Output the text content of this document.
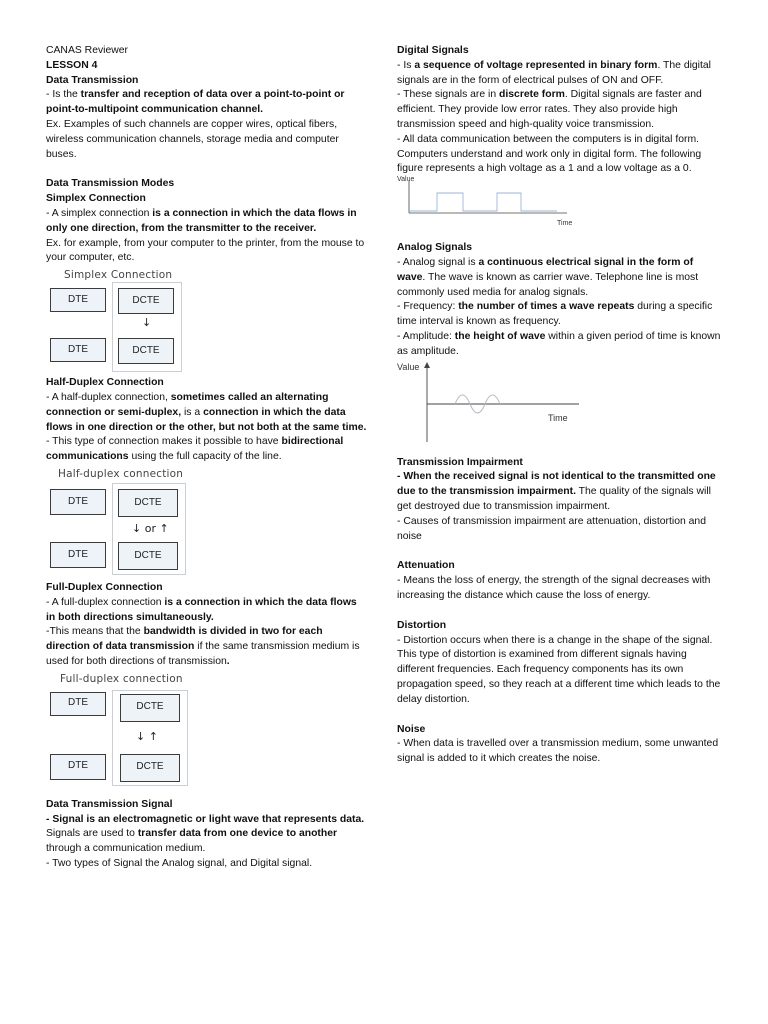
CANAS Reviewer

LESSON 4

Data Transmission

- Is the transfer and reception of data over a point-to-point or point-to-multipoint communication channel.

Ex. Examples of such channels are copper wires, optical fibers, wireless communication channels, storage media and computer buses.

Data Transmission Modes

Simplex Connection

- A simplex connection is a connection in which the data flows in only one direction, from the transmitter to the receiver.

Ex. for example, from your computer to the printer, from the mouse to your computer, etc.

Simplex Connection
DTE	DCTE
↓
DTE	DCTE

Half-Duplex Connection

- A half-duplex connection, sometimes called an alternating connection or semi-duplex, is a connection in which the data flows in one direction or the other, but not both at the same time.

- This type of connection makes it possible to have bidirectional communications using the full capacity of the line.

Half-duplex connection
DTE	DCTE
↓ or ↑
DTE	DCTE

Full-Duplex Connection

- A full-duplex connection is a connection in which the data flows in both directions simultaneously.

-This means that the bandwidth is divided in two for each direction of data transmission if the same transmission medium is used for both directions of transmission.

Full-duplex connection
DTE	DCTE
↓ ↑
DTE	DCTE

Data Transmission Signal

- Signal is an electromagnetic or light wave that represents data. Signals are used to transfer data from one device to another through a communication medium.

- Two types of Signal the Analog signal, and Digital signal.

Digital Signals

- Is a sequence of voltage represented in binary form. The digital signals are in the form of electrical pulses of ON and OFF.

- These signals are in discrete form. Digital signals are faster and efficient. They provide low error rates. They also provide high transmission speed and high-quality voice transmission.

- All data communication between the computers is in digital form. Computers understand and work only in digital form. The following figure represents a high voltage as a 1 and a low voltage as a 0.

Value
Time

Analog Signals

- Analog signal is a continuous electrical signal in the form of wave. The wave is known as carrier wave. Telephone line is most commonly used media for analog signals.

- Frequency: the number of times a wave repeats during a specific time interval is known as frequency.

- Amplitude: the height of wave within a given period of time is known as amplitude.

Value
Time

Transmission Impairment

- When the received signal is not identical to the transmitted one due to the transmission impairment. The quality of the signals will get destroyed due to transmission impairment.

- Causes of transmission impairment are attenuation, distortion and noise

Attenuation

- Means the loss of energy, the strength of the signal decreases with increasing the distance which cause the loss of energy.

Distortion

- Distortion occurs when there is a change in the shape of the signal. This type of distortion is examined from different signals having different frequencies. Each frequency components has its own propagation speed, so they reach at a different time which leads to the delay distortion.

Noise

- When data is travelled over a transmission medium, some unwanted signal is added to it which creates the noise.
